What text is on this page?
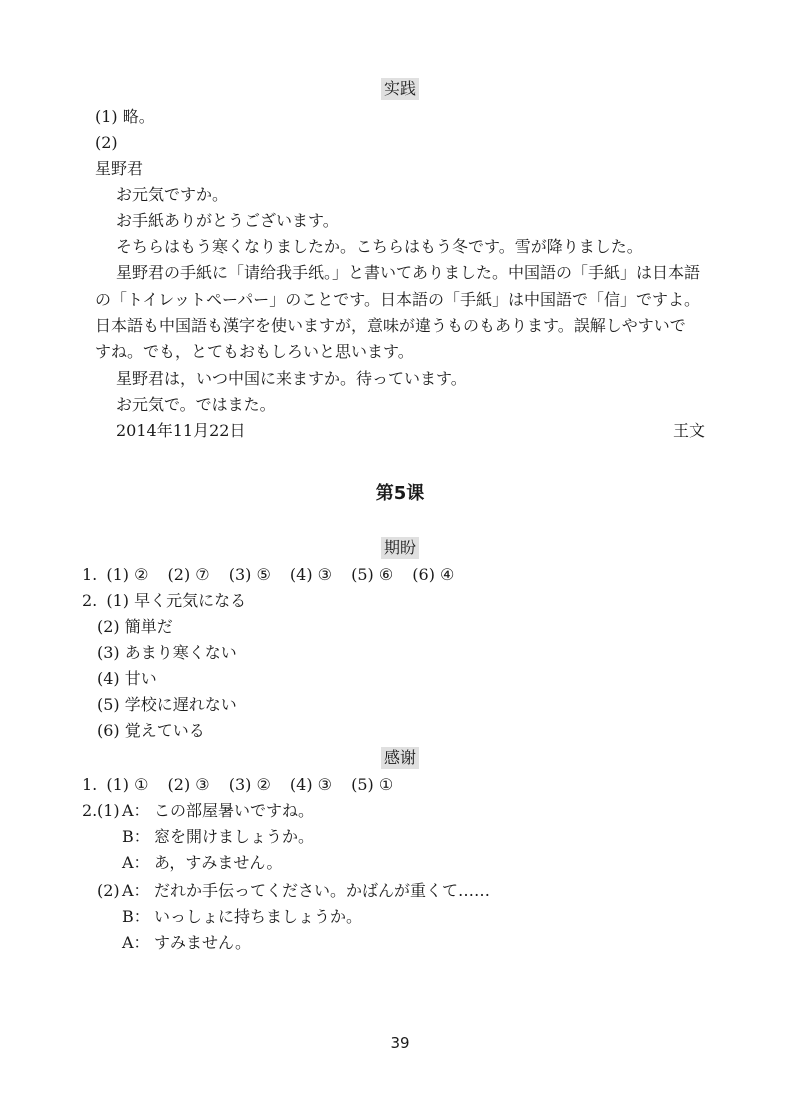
实践
(1) 略。
(2)
星野君
お元気ですか。
お手紙ありがとうございます。
そちらはもう寒くなりましたか。こちらはもう冬です。雪が降りました。
星野君の手紙に「请给我手纸。」と書いてありました。中国語の「手紙」は日本語
の「トイレットペーパー」のことです。日本語の「手紙」は中国語で「信」ですよ。
日本語も中国語も漢字を使いますが，意味が違うものもあります。誤解しやすいで
すね。でも，とてもおもしろいと思います。
星野君は，いつ中国に来ますか。待っています。
お元気で。ではまた。
2014年11月22日	王文
第5课
期盼
1. (1) ② (2) ⑦ (3) ⑤ (4) ③ (5) ⑥ (6) ④
2. (1) 早く元気になる
(2) 簡単だ
(3) あまり寒くない
(4) 甘い
(5) 学校に遅れない
(6) 覚えている
感谢
1. (1) ① (2) ③ (3) ② (4) ③ (5) ①
2. (1) A： この部屋暑いですね。
B： 窓を開けましょうか。
A： あ，すみません。
(2) A： だれか手伝ってください。かばんが重くて……
B： いっしょに持ちましょうか。
A： すみません。
39
